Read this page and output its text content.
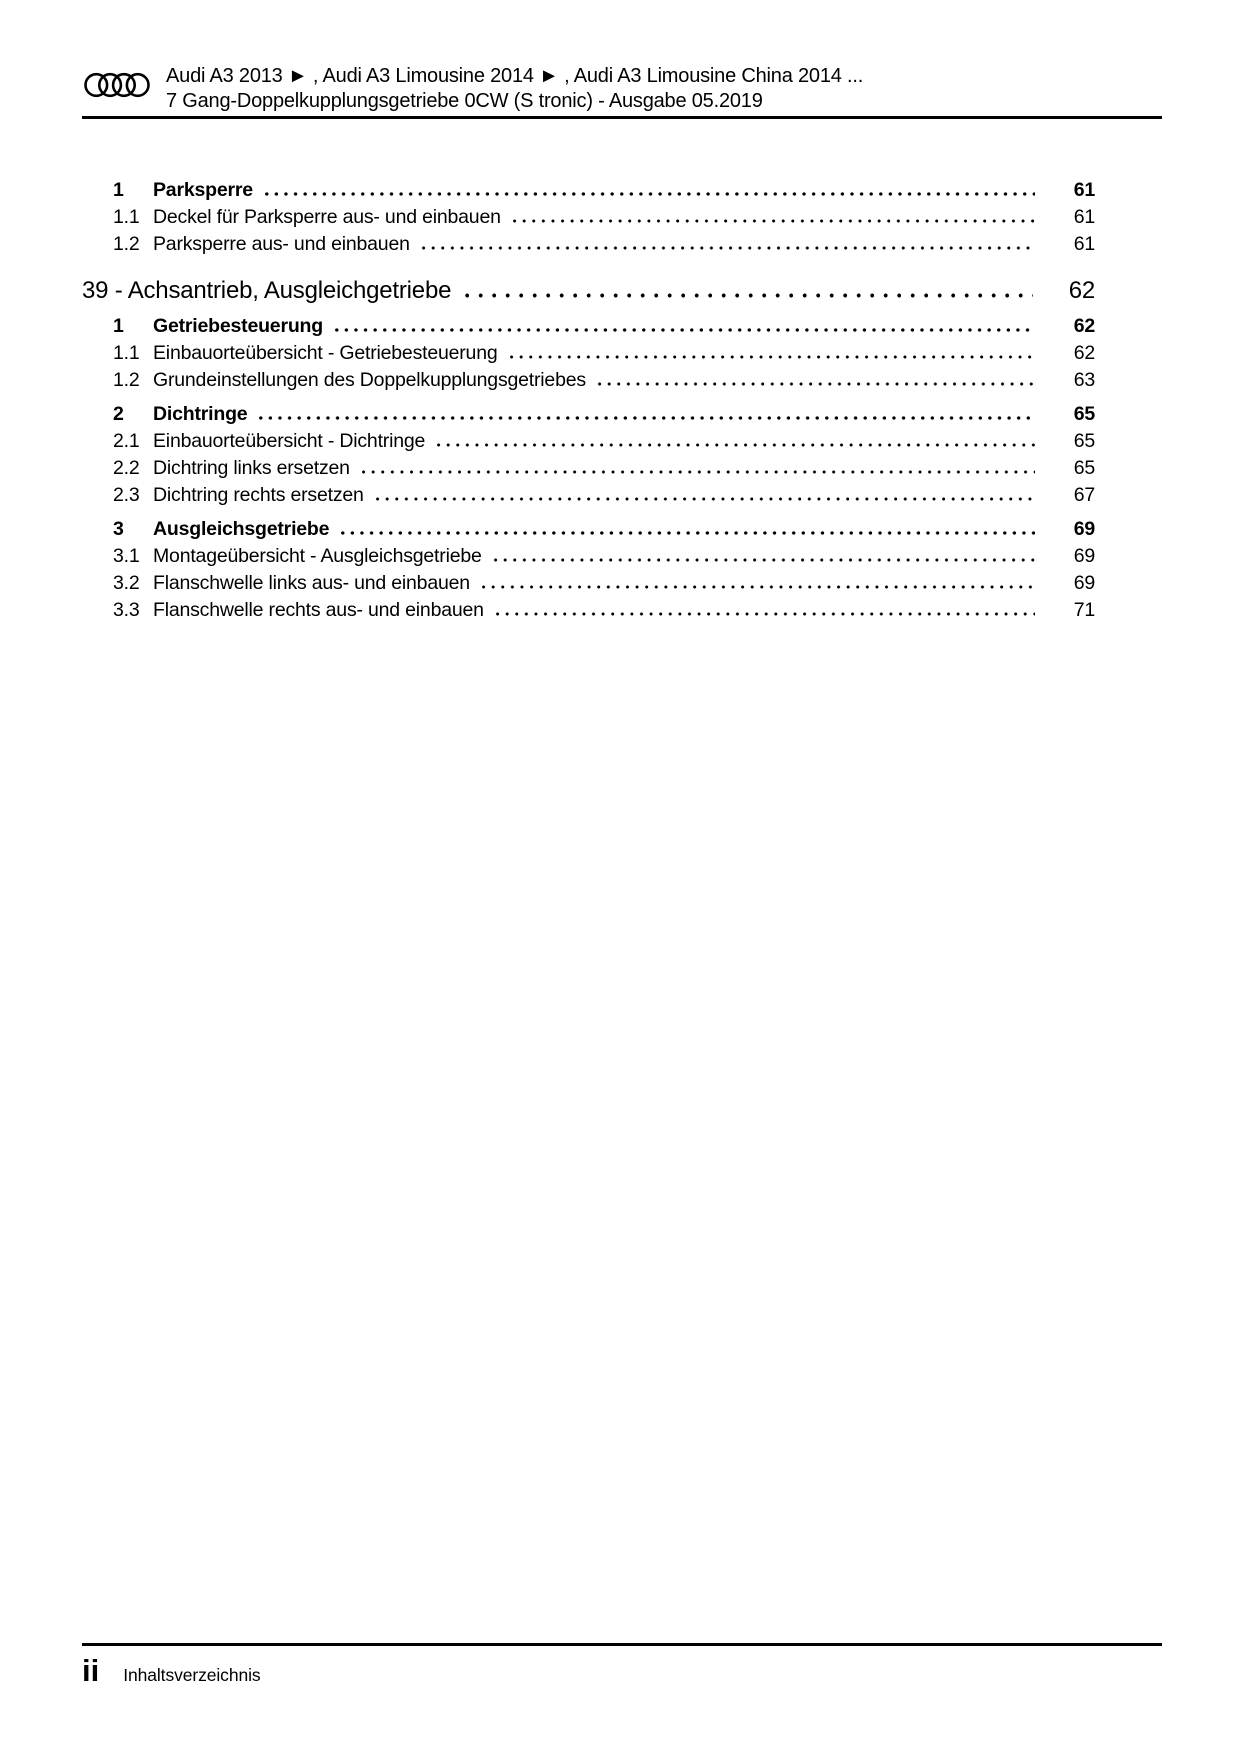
Audi A3 2013 ► , Audi A3 Limousine 2014 ► , Audi A3 Limousine China 2014 ...
7 Gang-Doppelkupplungsgetriebe 0CW (S tronic) - Ausgabe 05.2019
1	Parksperre	61
1.1 Deckel für Parksperre aus- und einbauen	61
1.2 Parksperre aus- und einbauen	61
39 - Achsantrieb, Ausgleichgetriebe	62
1	Getriebesteuerung	62
1.1 Einbauorteübersicht - Getriebesteuerung	62
1.2 Grundeinstellungen des Doppelkupplungsgetriebes	63
2	Dichtringe	65
2.1 Einbauorteübersicht - Dichtringe	65
2.2 Dichtring links ersetzen	65
2.3 Dichtring rechts ersetzen	67
3	Ausgleichsgetriebe	69
3.1 Montageübersicht - Ausgleichsgetriebe	69
3.2 Flanschwelle links aus- und einbauen	69
3.3 Flanschwelle rechts aus- und einbauen	71
ii Inhaltsverzeichnis
